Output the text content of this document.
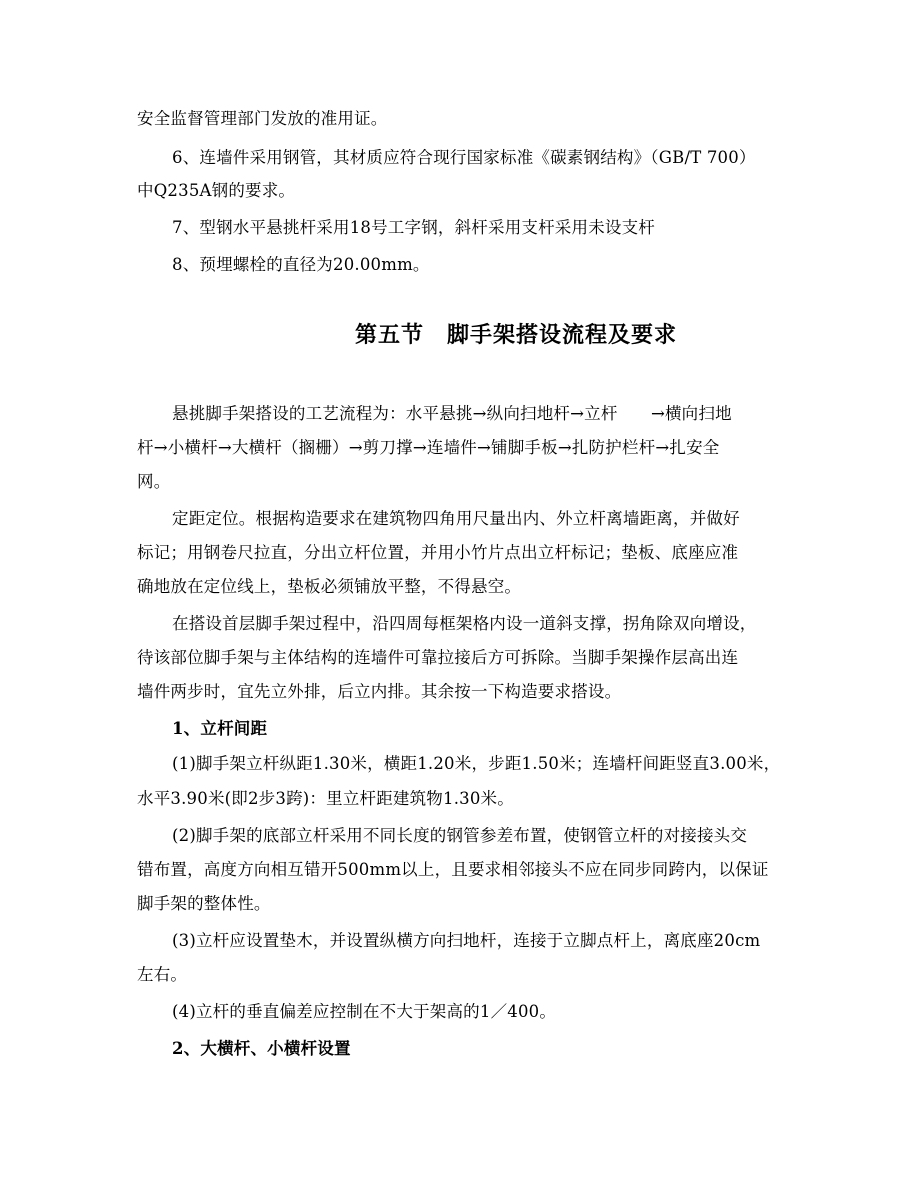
安全监督管理部门发放的准用证。
6、连墙件采用钢管，其材质应符合现行国家标准《碳素钢结构》（GB/T 700）
中Q235A钢的要求。
7、型钢水平悬挑杆采用18号工字钢，斜杆采用支杆采用未设支杆
8、预埋螺栓的直径为20.00mm。
第五节　脚手架搭设流程及要求
悬挑脚手架搭设的工艺流程为：水平悬挑→纵向扫地杆→立杆　　→横向扫地
杆→小横杆→大横杆（搁栅）→剪刀撑→连墙件→铺脚手板→扎防护栏杆→扎安全
网。
定距定位。根据构造要求在建筑物四角用尺量出内、外立杆离墙距离，并做好
标记；用钢卷尺拉直，分出立杆位置，并用小竹片点出立杆标记；垫板、底座应准
确地放在定位线上，垫板必须铺放平整，不得悬空。
在搭设首层脚手架过程中，沿四周每框架格内设一道斜支撑，拐角除双向增设，
待该部位脚手架与主体结构的连墙件可靠拉接后方可拆除。当脚手架操作层高出连
墙件两步时，宜先立外排，后立内排。其余按一下构造要求搭设。
1、立杆间距
(1)脚手架立杆纵距1.30米，横距1.20米，步距1.50米；连墙杆间距竖直3.00米，
水平3.90米(即2步3跨)：里立杆距建筑物1.30米。
(2)脚手架的底部立杆采用不同长度的钢管参差布置，使钢管立杆的对接接头交
错布置，高度方向相互错开500mm以上，且要求相邻接头不应在同步同跨内，以保证
脚手架的整体性。
(3)立杆应设置垫木，并设置纵横方向扫地杆，连接于立脚点杆上，离底座20cm
左右。
(4)立杆的垂直偏差应控制在不大于架高的1／400。
2、大横杆、小横杆设置
